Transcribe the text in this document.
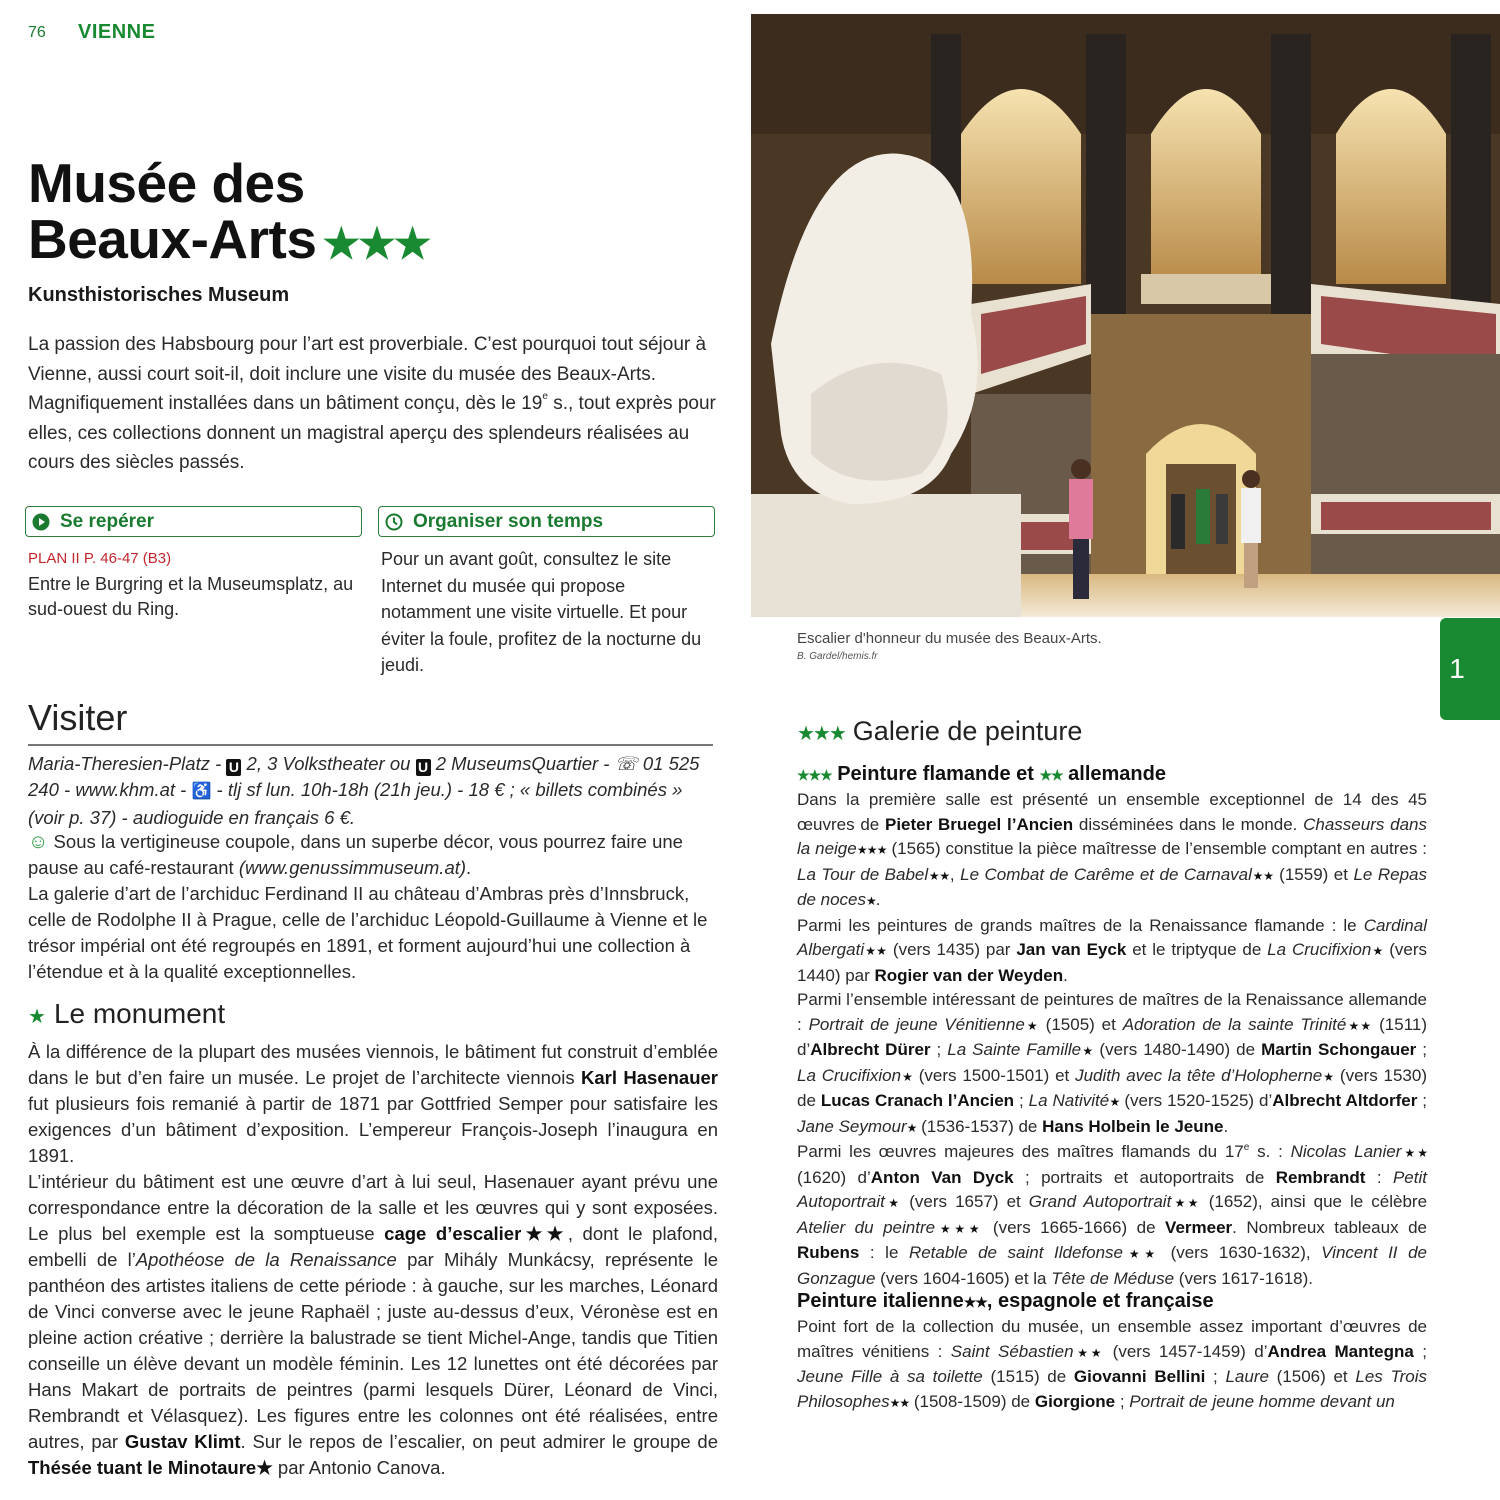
76 VIENNE
Musée des
Beaux-Arts ★★★
Kunsthistorisches Museum
La passion des Habsbourg pour l’art est proverbiale. C’est pourquoi tout séjour à Vienne, aussi court soit-il, doit inclure une visite du musée des Beaux-Arts. Magnifiquement installées dans un bâtiment conçu, dès le 19e s., tout exprès pour elles, ces collections donnent un magistral aperçu des splendeurs réalisées au cours des siècles passés.
Se repérer	Organiser son temps
PLAN II P. 46-47 (B3)
Entre le Burgring et la Museumsplatz, au sud-ouest du Ring.
Pour un avant goût, consultez le site Internet du musée qui propose notamment une visite virtuelle. Et pour éviter la foule, profitez de la nocturne du jeudi.
Visiter
Maria-Theresien-Platz - U 2, 3 Volkstheater ou U 2 MuseumsQuartier - ☏ 01 525 240 - www.khm.at - ♿ - tlj sf lun. 10h-18h (21h jeu.) - 18 € ; « billets combinés » (voir p. 37) - audioguide en français 6 €.

☺ Sous la vertigineuse coupole, dans un superbe décor, vous pourrez faire une pause au café-restaurant (www.genussimmuseum.at).

La galerie d’art de l’archiduc Ferdinand II au château d’Ambras près d’Innsbruck, celle de Rodolphe II à Prague, celle de l’archiduc Léopold-Guillaume à Vienne et le trésor impérial ont été regroupés en 1891, et forment aujourd’hui une collection à l’étendue et à la qualité exceptionnelles.

★ Le monument

À la différence de la plupart des musées viennois, le bâtiment fut construit d’emblée dans le but d’en faire un musée. Le projet de l’architecte viennois Karl Hasenauer fut plusieurs fois remanié à partir de 1871 par Gottfried Semper pour satisfaire les exigences d’un bâtiment d’exposition. L’empereur François-Joseph l’inaugura en 1891.

L’intérieur du bâtiment est une œuvre d’art à lui seul, Hasenauer ayant prévu une correspondance entre la décoration de la salle et les œuvres qui y sont exposées. Le plus bel exemple est la somptueuse cage d’escalier★★, dont le plafond, embelli de l’Apothéose de la Renaissance par Mihály Munkácsy, représente le panthéon des artistes italiens de cette période : à gauche, sur les marches, Léonard de Vinci converse avec le jeune Raphaël ; juste au-dessus d’eux, Véronèse est en pleine action créative ; derrière la balustrade se tient Michel-Ange, tandis que Titien conseille un élève devant un modèle féminin. Les 12 lunettes ont été décorées par Hans Makart de portraits de peintres (parmi lesquels Dürer, Léonard de Vinci, Rembrandt et Vélasquez). Les figures entre les colonnes ont été réalisées, entre autres, par Gustav Klimt. Sur le repos de l’escalier, on peut admirer le groupe de Thésée tuant le Minotaure★ par Antonio Canova.

Escalier d'honneur du musée des Beaux-Arts.
B. Gardel/hemis.fr	1
★★★ Galerie de peinture
★★★ Peinture flamande et ★★ allemande
Dans la première salle est présenté un ensemble exceptionnel de 14 des 45 œuvres de Pieter Bruegel l’Ancien disséminées dans le monde. Chasseurs dans la neige★★★ (1565) constitue la pièce maîtresse de l’ensemble comptant en autres : La Tour de Babel★★, Le Combat de Carême et de Carnaval★★ (1559) et Le Repas de noces★.
Parmi les peintures de grands maîtres de la Renaissance flamande : le Cardinal Albergati★★ (vers 1435) par Jan van Eyck et le triptyque de La Crucifixion★ (vers 1440) par Rogier van der Weyden.
Parmi l’ensemble intéressant de peintures de maîtres de la Renaissance allemande : Portrait de jeune Vénitienne★ (1505) et Adoration de la sainte Trinité★★ (1511) d’Albrecht Dürer ; La Sainte Famille★ (vers 1480-1490) de Martin Schongauer ; La Crucifixion★ (vers 1500-1501) et Judith avec la tête d’Holopherne★ (vers 1530) de Lucas Cranach l’Ancien ; La Nativité★ (vers 1520-1525) d’Albrecht Altdorfer ; Jane Seymour★ (1536-1537) de Hans Holbein le Jeune.
Parmi les œuvres majeures des maîtres flamands du 17e s. : Nicolas Lanier★★ (1620) d’Anton Van Dyck ; portraits et autoportraits de Rembrandt : Petit Autoportrait★ (vers 1657) et Grand Autoportrait★★ (1652), ainsi que le célèbre Atelier du peintre★★★ (vers 1665-1666) de Vermeer. Nombreux tableaux de Rubens : le Retable de saint Ildefonse★★ (vers 1630-1632), Vincent II de Gonzague (vers 1604-1605) et la Tête de Méduse (vers 1617-1618).
Peinture italienne★★, espagnole et française
Point fort de la collection du musée, un ensemble assez important d’œuvres de maîtres vénitiens : Saint Sébastien★★ (vers 1457-1459) d’Andrea Mantegna ; Jeune Fille à sa toilette (1515) de Giovanni Bellini ; Laure (1506) et Les Trois Philosophes★★ (1508-1509) de Giorgione ; Portrait de jeune homme devant un
